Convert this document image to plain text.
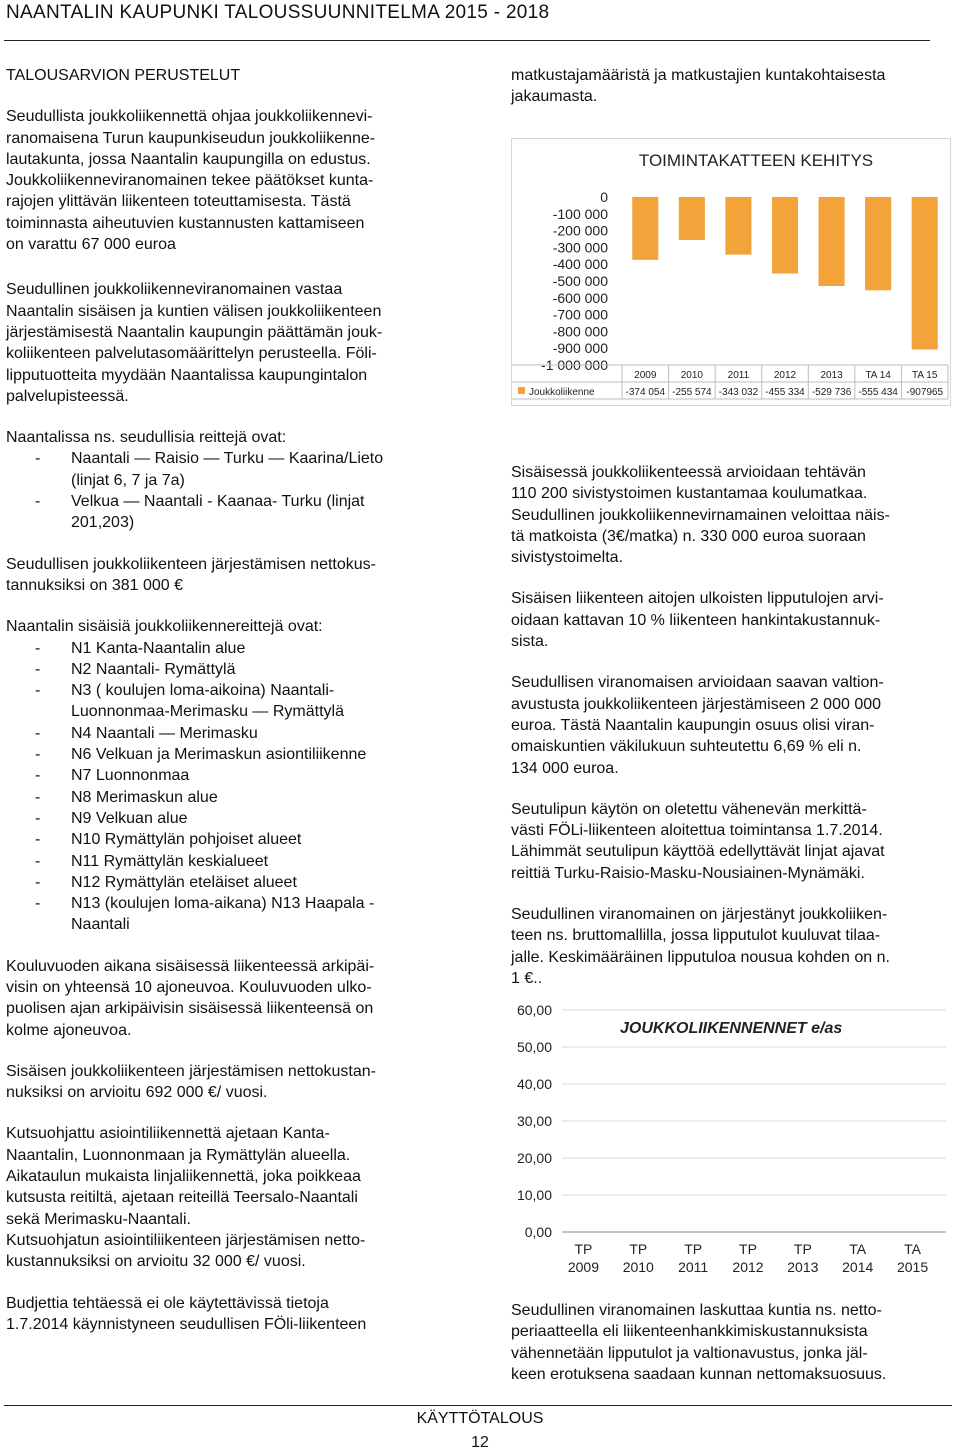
NAANTALIN KAUPUNKI TALOUSSUUNNITELMA 2015 - 2018
TALOUSARVION PERUSTELUT
Seudullista joukkoliikennettä ohjaa joukkoliikennevi-
ranomaisena Turun kaupunkiseudun joukkoliikenne-
lautakunta, jossa Naantalin kaupungilla on edustus.
Joukkoliikenneviranomainen tekee päätökset kunta-
rajojen ylittävän liikenteen toteuttamisesta. Tästä
toiminnasta aiheutuvien kustannusten kattamiseen
on varattu 67 000 euroa
Seudullinen joukkoliikenneviranomainen vastaa
Naantalin sisäisen ja kuntien välisen joukkoliikenteen
järjestämisestä Naantalin kaupungin päättämän jouk-
koliikenteen palvelutasomäärittelyn perusteella. Föli-
lipputuotteita myydään Naantalissa kaupungintalon
palvelupisteessä.
Naantalissa ns. seudullisia reittejä ovat:
- Naantali — Raisio — Turku — Kaarina/Lieto
(linjat 6, 7 ja 7a)
- Velkua — Naantali - Kaanaa- Turku (linjat
201,203)
Seudullisen joukkoliikenteen järjestämisen nettokus-
tannuksiksi on 381 000 €
Naantalin sisäisiä joukkoliikennereittejä ovat:
- N1 Kanta-Naantalin alue
- N2 Naantali- Rymättylä
- N3 ( koulujen loma-aikoina) Naantali-
Luonnonmaa-Merimasku — Rymättylä
- N4 Naantali — Merimasku
- N6 Velkuan ja Merimaskun asiontiliikenne
- N7 Luonnonmaa
- N8 Merimaskun alue
- N9 Velkuan alue
- N10 Rymättylän pohjoiset alueet
- N11 Rymättylän keskialueet
- N12 Rymättylän eteläiset alueet
- N13 (koulujen loma-aikana) N13 Haapala -
Naantali
Kouluvuoden aikana sisäisessä liikenteessä arkipäi-
visin on yhteensä 10 ajoneuvoa. Kouluvuoden ulko-
puolisen ajan arkipäivisin sisäisessä liikenteensä on
kolme ajoneuvoa.
Sisäisen joukkoliikenteen järjestämisen nettokustan-
nuksiksi on arvioitu 692 000 €/ vuosi.
Kutsuohjattu asiointiliikennettä ajetaan Kanta-
Naantalin, Luonnonmaan ja Rymättylän alueella.
Aikataulun mukaista linjaliikennettä, joka poikkeaa
kutsusta reitiltä, ajetaan reiteillä Teersalo-Naantali
sekä Merimasku-Naantali.
Kutsuohjatun asiointiliikenteen järjestämisen netto-
kustannuksiksi on arvioitu 32 000 €/ vuosi.
Budjettia tehtäessä ei ole käytettävissä tietoja
1.7.2014 käynnistyneen seudullisen FÖli-liikenteen
matkustajamääristä ja matkustajien kuntakohtaisesta
jakaumasta.
TOIMINTAKATTEEN KEHITYS
0
-100 000
-200 000
-300 000
-400 000
-500 000
-600 000
-700 000
-800 000
-900 000
-1 000 000
2009
-374 054
2010
-255 574
2011
-343 032
2012
-455 334
2013
-529 736
TA 14
-555 434
TA 15
-907965
Joukkoliikenne
Sisäisessä joukkoliikenteessä arvioidaan tehtävän
110 200 sivistystoimen kustantamaa koulumatkaa.
Seudullinen joukkoliikennevirnamainen veloittaa näis-
tä matkoista (3€/matka) n. 330 000 euroa suoraan
sivistystoimelta.
Sisäisen liikenteen aitojen ulkoisten lipputulojen arvi-
oidaan kattavan 10 % liikenteen hankintakustannuk-
sista.
Seudullisen viranomaisen arvioidaan saavan valtion-
avustusta joukkoliikenteen järjestämiseen 2 000 000
euroa. Tästä Naantalin kaupungin osuus olisi viran-
omaiskuntien väkilukuun suhteutettu 6,69 % eli n.
134 000 euroa.
Seutulipun käytön on oletettu vähenevän merkittä-
västi FÖLi-liikenteen aloitettua toimintansa 1.7.2014.
Lähimmät seutulipun käyttöä edellyttävät linjat ajavat
reittiä Turku-Raisio-Masku-Nousiainen-Mynämäki.
Seudullinen viranomainen on järjestänyt joukkoliiken-
teen ns. bruttomallilla, jossa lipputulot kuuluvat tilaa-
jalle. Keskimääräinen lipputuloa nousua kohden on n.
1 €..
JOUKKOLIIKENNENNET e/as
60,00
50,00
40,00
30,00
20,00
10,00
0,00
TP
2009
TP
2010
TP
2011
TP
2012
TP
2013
TA
2014
TA
2015
Seudullinen viranomainen laskuttaa kuntia ns. netto-
periaatteella eli liikenteenhankkimiskustannuksista
vähennetään lipputulot ja valtionavustus, jonka jäl-
keen erotuksena saadaan kunnan nettomaksuosuus.
KÄYTTÖTALOUS
12
